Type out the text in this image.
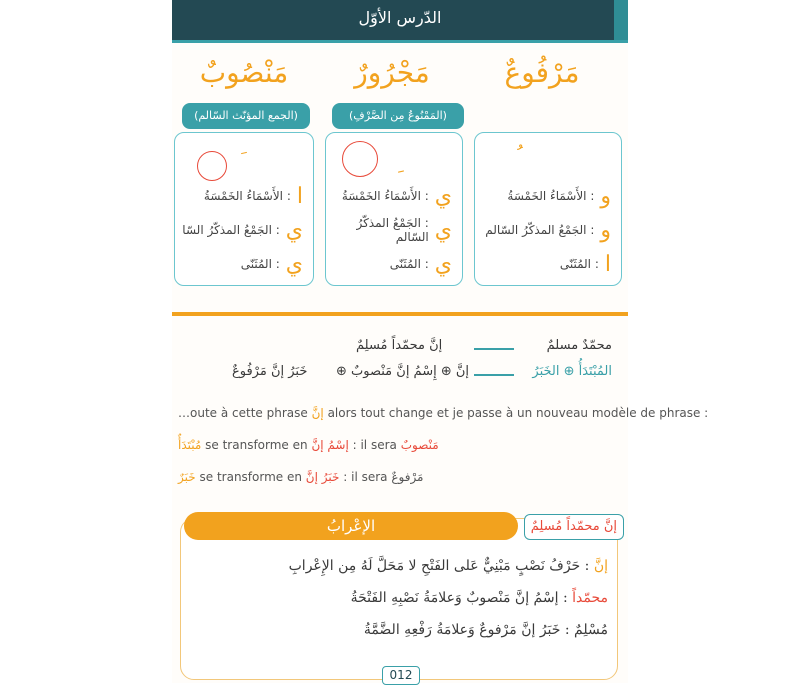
الدّرس الأوّل
مَرْفُوعٌ
مَجْرُورٌ
مَنْصُوبٌ
(المَمْنُوعُ مِن الصَّرْفِ)
(الجمع المؤنّث السّالم)
و
: الأَسْمَاءُ الخَمْسَةُ
و
: الجَمْعُ المذكّرُ السّالم
ا
: المُثَنّى
ي
: الأَسْمَاءُ الخَمْسَةُ
ي
: الجَمْعُ المذكّرُ السّالم
ي
: المُثَنّى
ا
: الأَسْمَاءُ الخَمْسَةُ
ي
: الجَمْعُ المذكّرُ السّا
ي
: المُثَنّى
محمّدٌ مسلمٌ
إنَّ محمّداً مُسلِمٌ
المُبْتَدَأُ ⊕ الخَبَرُ
إنَّ ⊕ إِسْمُ إنَّ مَنْصوبٌ ⊕
خَبَرُ إنَّ مَرْفُوعٌ
…oute à cette phrase إنَّ alors tout change et je passe à un nouveau modèle de phrase :
مُبْتَدَأٌ se transforme en إسْمُ إنَّ : il sera مَنْصوبٌ
خَبَرٌ se transforme en خَبَرُ إنَّ : il sera مَرْفوعٌ
الإعْرابُ	إنَّ محمّداً مُسلِمٌ
إنَّ : حَرْفُ نَصْبٍ مَبْنِيٌّ عَلى الفَتْحِ لا مَحَلَّ لَهُ مِن الإِعْرابِ
محمّداً : إسْمُ إنَّ مَنْصوبٌ وَعلامَةُ نَصْبِهِ الفَتْحَةُ
مُسْلِمٌ : خَبَرُ إنَّ مَرْفوعٌ وَعلامَةُ رَفْعِهِ الضَّمَّةُ
012
